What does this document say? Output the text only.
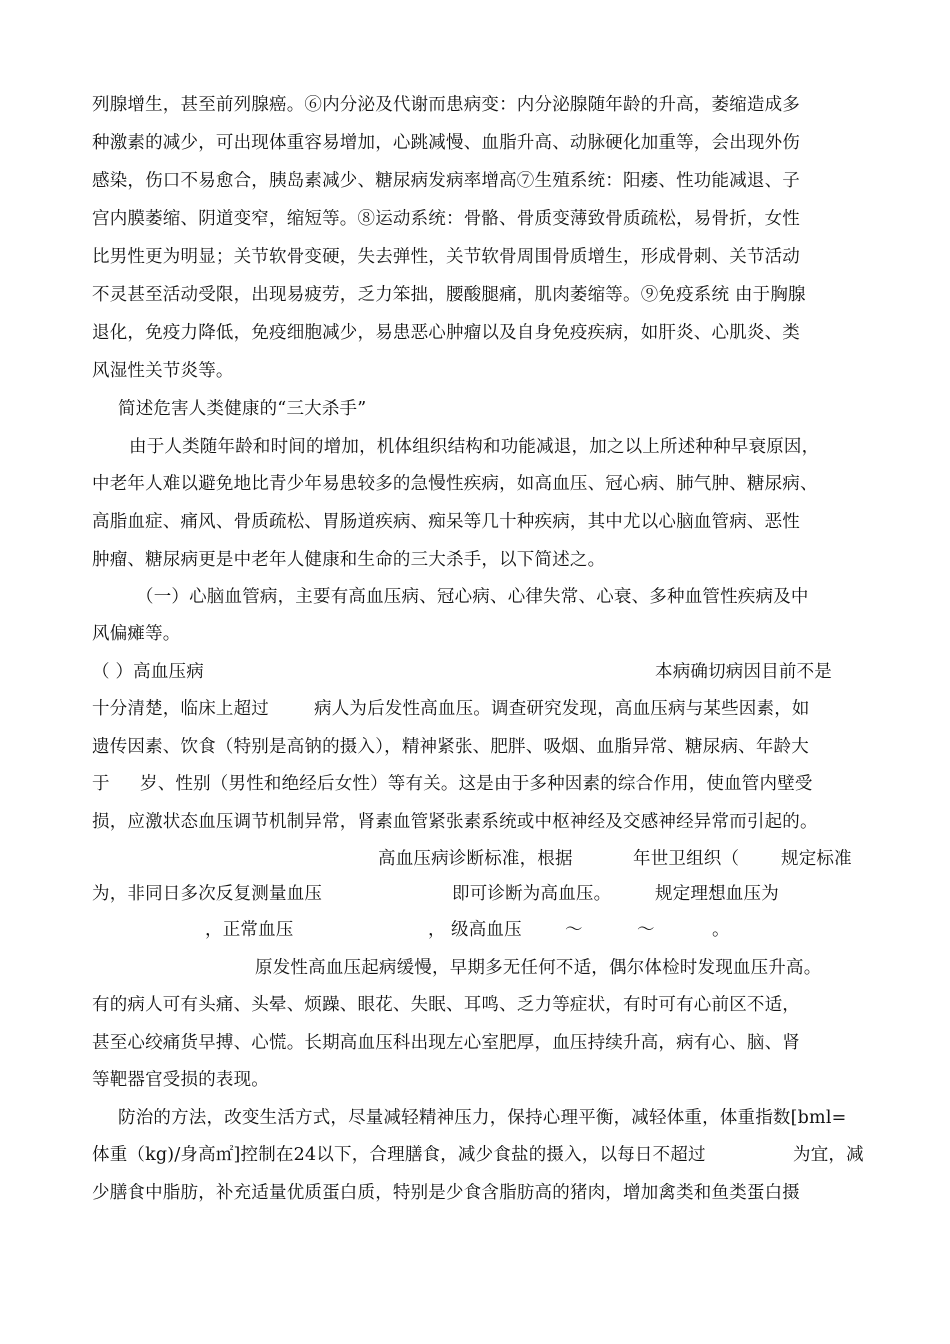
列腺增生，甚至前列腺癌。⑥内分泌及代谢而患病变：内分泌腺随年龄的升高，萎缩造成多
种激素的减少，可出现体重容易增加，心跳减慢、血脂升高、动脉硬化加重等，会出现外伤
感染，伤口不易愈合，胰岛素减少、糖尿病发病率增高⑦生殖系统：阳痿、性功能减退、子
宫内膜萎缩、阴道变窄，缩短等。⑧运动系统：骨骼、骨质变薄致骨质疏松，易骨折，女性
比男性更为明显；关节软骨变硬，失去弹性，关节软骨周围骨质增生，形成骨刺、关节活动
不灵甚至活动受限，出现易疲劳，乏力笨拙，腰酸腿痛，肌肉萎缩等。⑨免疫系统 由于胸腺
退化，免疫力降低，免疫细胞减少，易患恶心肿瘤以及自身免疫疾病，如肝炎、心肌炎、类
风湿性关节炎等。
简述危害人类健康的“三大杀手”
由于人类随年龄和时间的增加，机体组织结构和功能减退，加之以上所述种种早衰原因，
中老年人难以避免地比青少年易患较多的急慢性疾病，如高血压、冠心病、肺气肿、糖尿病、
高脂血症、痛风、骨质疏松、胃肠道疾病、痴呆等几十种疾病，其中尤以心脑血管病、恶性
肿瘤、糖尿病更是中老年人健康和生命的三大杀手，以下简述之。
（一）心脑血管病，主要有高血压病、冠心病、心律失常、心衰、多种血管性疾病及中
风偏瘫等。
（ ）高血压病	本病确切病因目前不是
十分清楚，临床上超过	病人为后发性高血压。调查研究发现，高血压病与某些因素，如
遗传因素、饮食（特别是高钠的摄入），精神紧张、肥胖、吸烟、血脂异常、糖尿病、年龄大
于 岁、性别（男性和绝经后女性）等有关。这是由于多种因素的综合作用，使血管内壁受
损，应激状态血压调节机制异常，肾素血管紧张素系统或中枢神经及交感神经异常而引起的。
高血压病诊断标准，根据	年世卫组织（ 规定标准
为，非同日多次反复测量血压	即可诊断为高血压。 规定理想血压为
，正常血压	， 级高血压 ～	～	。
原发性高血压起病缓慢，早期多无任何不适，偶尔体检时发现血压升高。
有的病人可有头痛、头晕、烦躁、眼花、失眠、耳鸣、乏力等症状，有时可有心前区不适，
甚至心绞痛货早搏、心慌。长期高血压科出现左心室肥厚，血压持续升高，病有心、脑、肾
等靶器官受损的表现。
防治的方法，改变生活方式，尽量减轻精神压力，保持心理平衡，减轻体重，体重指数[bml=
体重（kg)/身高㎡]控制在24以下，合理膳食，减少食盐的摄入，以每日不超过	为宜，减
少膳食中脂肪，补充适量优质蛋白质，特别是少食含脂肪高的猪肉，增加禽类和鱼类蛋白摄
